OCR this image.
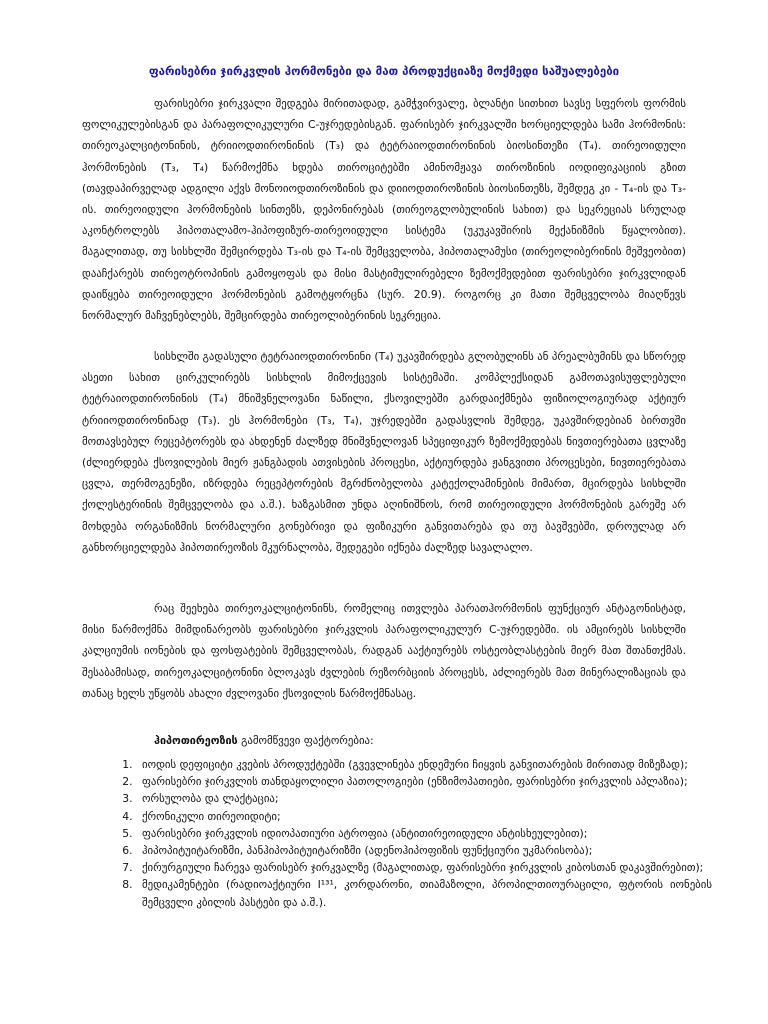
ფარისებრი ჯირკვლის ჰორმონები და მათ პროდუქციაზე მოქმედი საშუალებები

ფარისებრი ჯირკვალი შედგება მირითადად, გამჭვირვალე, ბლანტი სითხით სავსე სფეროს ფორმის ფოლიკულებისგან და პარაფოლიკულური C-უჯრედებისგან. ფარისებრ ჯირკვალში ხორციელდება სამი ჰორმონის: თირეოკალციტონინის, ტრიიოდთირონინის (T₃) და ტეტრაიოდთირონინის ბიოსინთეზი (T₄). თირეოიდული ჰორმონების (T₃, T₄) წარმოქმნა ხდება თიროციტებში ამინომჟავა თიროზინის იოდიფიკაციის გზით (თავდაპირველად ადგილი აქვს მონოიოდთიროზინის და დიიოდთიროზინის ბიოსინთეზს, შემდეგ კი - T₄-ის და T₃-ის. თირეოიდული ჰორმონების სინთეზს, დეპონირებას (თირეოგლობულინის სახით) და სეკრეციას სრულად აკონტროლებს ჰიპოთალამო-ჰიპოფიზურ-თირეოიდული სისტემა (უკუკავშირის მექანიზმის წყალობით). მაგალითად, თუ სისხლში შემცირდება T₃-ის და T₄-ის შემცველობა, ჰიპოთალამუსი (თირეოლიბერინის მეშვეობით) დააჩქარებს თირეოტროპინის გამოყოფას და მისი მასტიმულირებელი ზემოქმედებით ფარისებრი ჯირკვლიდან დაიწყება თირეოიდული ჰორმონების გამოტყორცნა (სურ. 20.9). როგორც კი მათი შემცველობა მიაღწევს ნორმალურ მაჩვენებლებს, შემცირდება თირეოლიბერინის სეკრეცია.

სისხლში გადასული ტეტრაიოდთირონინი (T₄) უკავშირდება გლობულინს ან პრეალბუმინს და სწორედ ასეთი სახით ცირკულირებს სისხლის მიმოქცევის სისტემაში. კომპლექსიდან გამოთავისუფლებული ტეტრაიოდთირონინის (T₄) მნიშვნელოვანი ნაწილი, ქსოვილებში გარდაიქმნება ფიზიოლოგიურად აქტიურ ტრიიოდთირონინად (T₃). ეს ჰორმონები (T₃, T₄), უჯრედებში გადასვლის შემდეგ, უკავშირდებიან ბირთვში მოთავსებულ რეცეპტორებს და ახდენენ ძალზედ მნიშვნელოვან სპეციფიკურ ზემოქმედებას ნივთიერებათა ცვლაზე (ძლიერდება ქსოვილების მიერ ჟანგბადის ათვისების პროცესი, აქტიურდება ჟანგვითი პროცესები, ნივთიერებათა ცვლა, თერმოგენეზი, იზრდება რეცეპტორების მგრძნობელობა კატექოლამინების მიმართ, მცირდება სისხლში ქოლესტერინის შემცველობა და ა.შ.). ხაზგასმით უნდა აღინიშნოს, რომ თირეოიდული ჰორმონების გარეშე არ მოხდება ორგანიზმის ნორმალური გონებრივი და ფიზიკური განვითარება და თუ ბავშვებში, დროულად არ განხორციელდება ჰიპოთირეოზის მკურნალობა, შედეგები იქნება ძალზედ სავალალო.

რაც შეეხება თირეოკალციტონინს, რომელიც ითვლება პარათჰორმონის ფუნქციურ ანტაგონისტად, მისი წარმოქმნა მიმდინარეობს ფარისებრი ჯირკვლის პარაფოლიკულურ C-უჯრედებში. ის ამცირებს სისხლში კალციუმის იონების და ფოსფატების შემცველობას, რადგან ააქტიურებს ოსტეობლასტების მიერ მათ შთანთქმას. შესაბამისად, თირეოკალციტონინი ბლოკავს ძვლების რეზორბციის პროცესს, აძლიერებს მათ მინერალიზაციას და თანაც ხელს უწყობს ახალი ძვლოვანი ქსოვილის წარმოქმნასაც.

ჰიპოთირეოზის გამომწვევი ფაქტორებია:

1. იოდის დეფიციტი კვების პროდუქტებში (გვევლინება ენდემური ჩიყვის განვითარების მირითად მიზეზად);
2. ფარისებრი ჯირკვლის თანდაყოლილი პათოლოგიები (ენზიმოპათიები, ფარისებრი ჯირკვლის აპლაზია);
3. ორსულობა და ლაქტაცია;
4. ქრონიკული თირეოიდიტი;
5. ფარისებრი ჯირკვლის იდიოპათიური ატროფია (ანტითირეოიდული ანტისხეულებით);
6. ჰიპოპიტუიტარიზმი, პანჰიპოპიტუიტარიზმი (ადენოჰიპოფიზის ფუნქციური უკმარისობა);
7. ქირურგიული ჩარევა ფარისებრ ჯირკვალზე (მაგალითად, ფარისებრი ჯირკვლის კიბოსთან დაკავშირებით);
8. მედიკამენტები (რადიოაქტიური I¹³¹, კორდარონი, თიამაზოლი, პროპილთიოურაცილი, ფტორის იონების შემცველი კბილის პასტები და ა.შ.).
